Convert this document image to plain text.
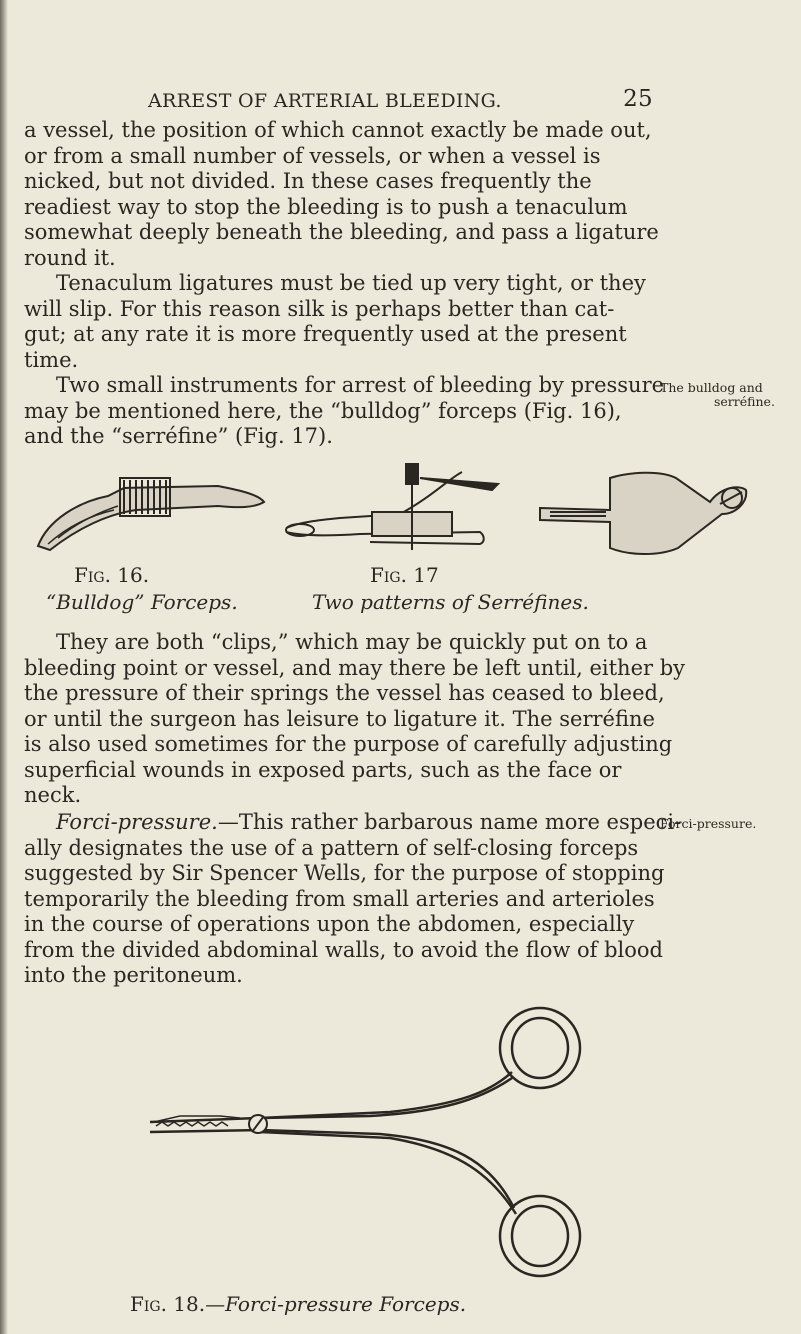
ARREST OF ARTERIAL BLEEDING.	25

a vessel, the position of which cannot exactly be made out,
or from a small number of vessels, or when a vessel is
nicked, but not divided. In these cases frequently the
readiest way to stop the bleeding is to push a tenaculum
somewhat deeply beneath the bleeding, and pass a ligature
round it.

Tenaculum ligatures must be tied up very tight, or they
will slip. For this reason silk is perhaps better than cat-
gut; at any rate it is more frequently used at the present
time.

Two small instruments for arrest of bleeding by pressure
may be mentioned here, the “bulldog” forceps (Fig. 16),
and the “serréfine” (Fig. 17).

The bulldog and
serréfine.
Fig. 16.
“Bulldog” Forceps.
Fig. 17
Two patterns of Serréfines.

They are both “clips,” which may be quickly put on to a
bleeding point or vessel, and may there be left until, either by
the pressure of their springs the vessel has ceased to bleed,
or until the surgeon has leisure to ligature it. The serréfine
is also used sometimes for the purpose of carefully adjusting
superficial wounds in exposed parts, such as the face or
neck.

Forci-pressure.—This rather barbarous name more especi-
ally designates the use of a pattern of self-closing forceps
suggested by Sir Spencer Wells, for the purpose of stopping
temporarily the bleeding from small arteries and arterioles
in the course of operations upon the abdomen, especially
from the divided abdominal walls, to avoid the flow of blood
into the peritoneum.

Forci-pressure.
Fig. 18.—Forci-pressure Forceps.
